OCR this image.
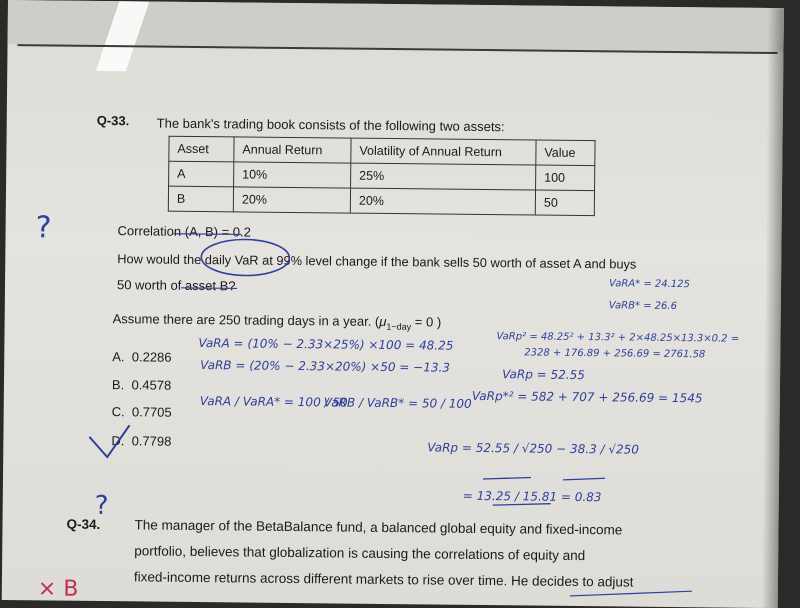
Q-33. The bank's trading book consists of the following two assets:
Asset	Annual Return	Volatility of Annual Return	Value
A	10%	25%	100
B	20%	20%	50
Correlation (A, B) = 0.2
How would the daily VaR at 99% level change if the bank sells 50 worth of asset A and buys
50 worth of asset B?
Assume there are 250 trading days in a year. ($\mu_{1-day} = 0$ )
A. 0.2286
B. 0.4578
C. 0.7705
D. 0.7798
Q-34.	The manager of the BetaBalance fund, a balanced global equity and fixed-income
portfolio, believes that globalization is causing the correlations of equity and
fixed-income returns across different markets to rise over time. He decides to adjust
?
VaRA* = 24.125
VaRB* = 26.6
VaRA = (10% − 2.33×25%) ×100 = 48.25
VaRB = (20% − 2.33×20%) ×50 = −13.3
VaRA / VaRA* = 100 / 50
VaRB / VaRB* = 50 / 100
VaRp² = 48.25² + 13.3² + 2×48.25×13.3×0.2 =
2328 + 176.89 + 256.69 = 2761.58
VaRp = 52.55
VaRp*² = 582 + 707 + 256.69 = 1545
VaRp = 52.55 / √250 − 38.3 / √250
= 13.25 / 15.81 = 0.83
?
× B
